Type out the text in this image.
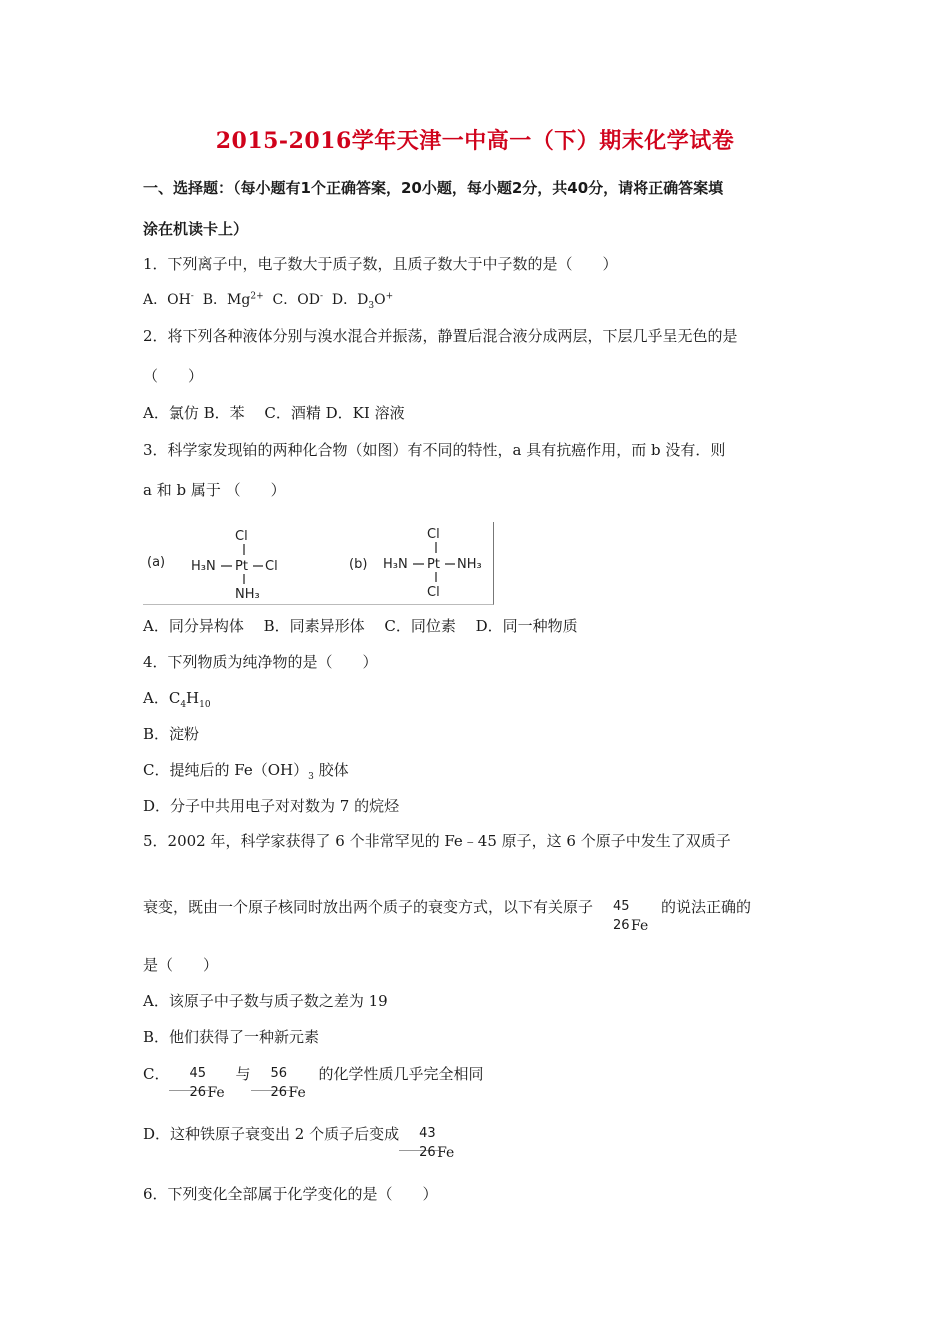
2015-2016学年天津一中高一（下）期末化学试卷
一、选择题：（每小题有1个正确答案，20小题，每小题2分，共40分，请将正确答案填
涂在机读卡上）
1．下列离子中，电子数大于质子数，且质子数大于中子数的是（　　）
A．OH- B．$Mg^{2+}$ C．OD- D．$D_3O^+$
2．将下列各种液体分别与溴水混合并振荡，静置后混合液分成两层，下层几乎呈无色的是
（　　）
A．氯仿 B．苯　 C．酒精 D．KI 溶液
3．科学家发现铂的两种化合物（如图）有不同的特性，a 具有抗癌作用，而 b 没有．则
a 和 b 属于 （　　）
(a)
Cl
H₃N Pt Cl
NH₃
(b)
Cl
H₃N Pt NH₃
Cl
A．同分异构体　 B．同素异形体　 C．同位素　 D．同一种物质
4．下列物质为纯净物的是（　　）
A．$C_4H_{10}$
B．淀粉
C．提纯后的 $Fe(OH)_3$ 胶体
D．分子中共用电子对对数为 7 的烷烃
5．2002 年，科学家获得了 6 个非常罕见的 Fe﹣45 原子，这 6 个原子中发生了双质子
衰变，既由一个原子核同时放出两个质子的衰变方式，以下有关原子 45
26 Fe
的说法正确的
是（　　）
A．该原子中子数与质子数之差为 19
B．他们获得了一种新元素
C． 45
26 Fe
与 56
26 Fe
的化学性质几乎完全相同
D．这种铁原子衰变出 2 个质子后变成 43
26 Fe
6．下列变化全部属于化学变化的是（　　）
